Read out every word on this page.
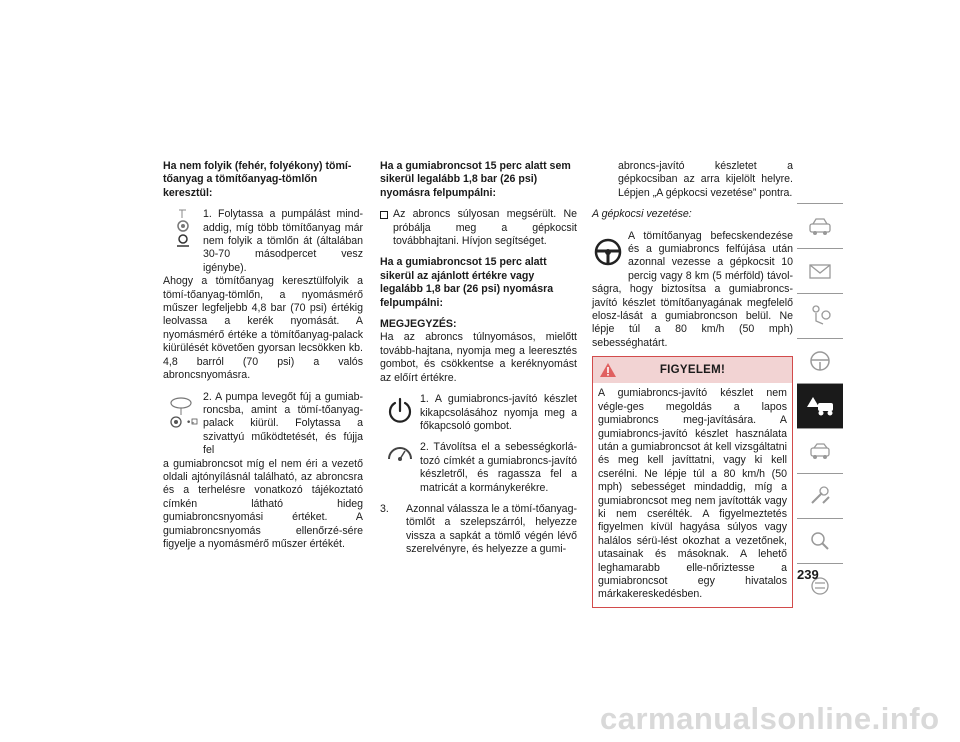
Ha nem folyik (fehér, folyékony) tömí-tőanyag a tömítőanyag-tömlőn keresztül:

1. Folytassa a pumpálást mind-addig, míg több tömítőanyag már nem folyik a tömlőn át (általában 30-70 másodpercet vesz igénybe).

Ahogy a tömítőanyag keresztülfolyik a tömí-tőanyag-tömlőn, a nyomásmérő műszer legfeljebb 4,8 bar (70 psi) értékig leolvassa a kerék nyomását. A nyomásmérő értéke a tömítőanyag-palack kiürülését követően gyorsan lecsökken kb. 4,8 barról (70 psi) a valós abroncsnyomásra.

•-

2. A pumpa levegőt fúj a gumiab-roncsba, amint a tömí-tőanyag-palack kiürül. Folytassa a szivattyú működtetését, és fújja fel

a gumiabroncsot míg el nem éri a vezető oldali ajtónyílásnál található, az abroncsra és a terhelésre vonatkozó tájékoztató címkén látható hideg gumiabroncsnyomási értéket. A gumiabroncsnyomás ellenőrzé-sére figyelje a nyomásmérő műszer értékét.

Ha a gumiabroncsot 15 perc alatt sem sikerül legalább 1,8 bar (26 psi) nyomásra felpumpálni:

Az abroncs súlyosan megsérült. Ne próbálja meg a gépkocsit továbbhajtani. Hívjon segítséget.

Ha a gumiabroncsot 15 perc alatt sikerül az ajánlott értékre vagy legalább 1,8 bar (26 psi) nyomásra felpumpálni:

MEGJEGYZÉS:

Ha az abroncs túlnyomásos, mielőtt tovább-hajtana, nyomja meg a leeresztés gombot, és csökkentse a keréknyomást az előírt értékre.

1. A gumiabroncs-javító készlet kikapcsolásához nyomja meg a főkapcsoló gombot.

2. Távolítsa el a sebességkorlá-tozó címkét a gumiabroncs-javító készletről, és ragassza fel a matricát a kormánykerékre.

3.	Azonnal válassza le a tömí-tőanyag-tömlőt a szelepszárról, helyezze vissza a sapkát a tömlő végén lévő szerelvényre, és helyezze a gumi-

abroncs-javító készletet a gépkocsiban az arra kijelölt helyre. Lépjen „A gépkocsi vezetése” pontra.

A gépkocsi vezetése:

A tömítőanyag befecskendezése és a gumiabroncs felfújása után azonnal vezesse a gépkocsit 10 percig vagy 8 km (5 mérföld) távol-ságra, hogy biztosítsa a gumiabroncs-javító készlet tömítőanyagának megfelelő elosz-lását a gumiabroncson belül. Ne lépje túl a 80 km/h (50 mph) sebességhatárt.

FIGYELEM!

A gumiabroncs-javító készlet nem végle-ges megoldás a lapos gumiabroncs meg-javítására. A gumiabroncs-javító készlet használata után a gumiabroncsot át kell vizsgáltatni és meg kell javíttatni, vagy ki kell cserélni. Ne lépje túl a 80 km/h (50 mph) sebességet mindaddig, míg a gumiabroncsot meg nem javították vagy ki nem cserélték. A figyelmeztetés figyelmen kívül hagyása súlyos vagy halálos sérü-lést okozhat a vezetőnek, utasainak és másoknak. A lehető leghamarabb elle-nőriztesse a gumiabroncsot egy hivatalos márkakereskedésben.

239
carmanualsonline.info
